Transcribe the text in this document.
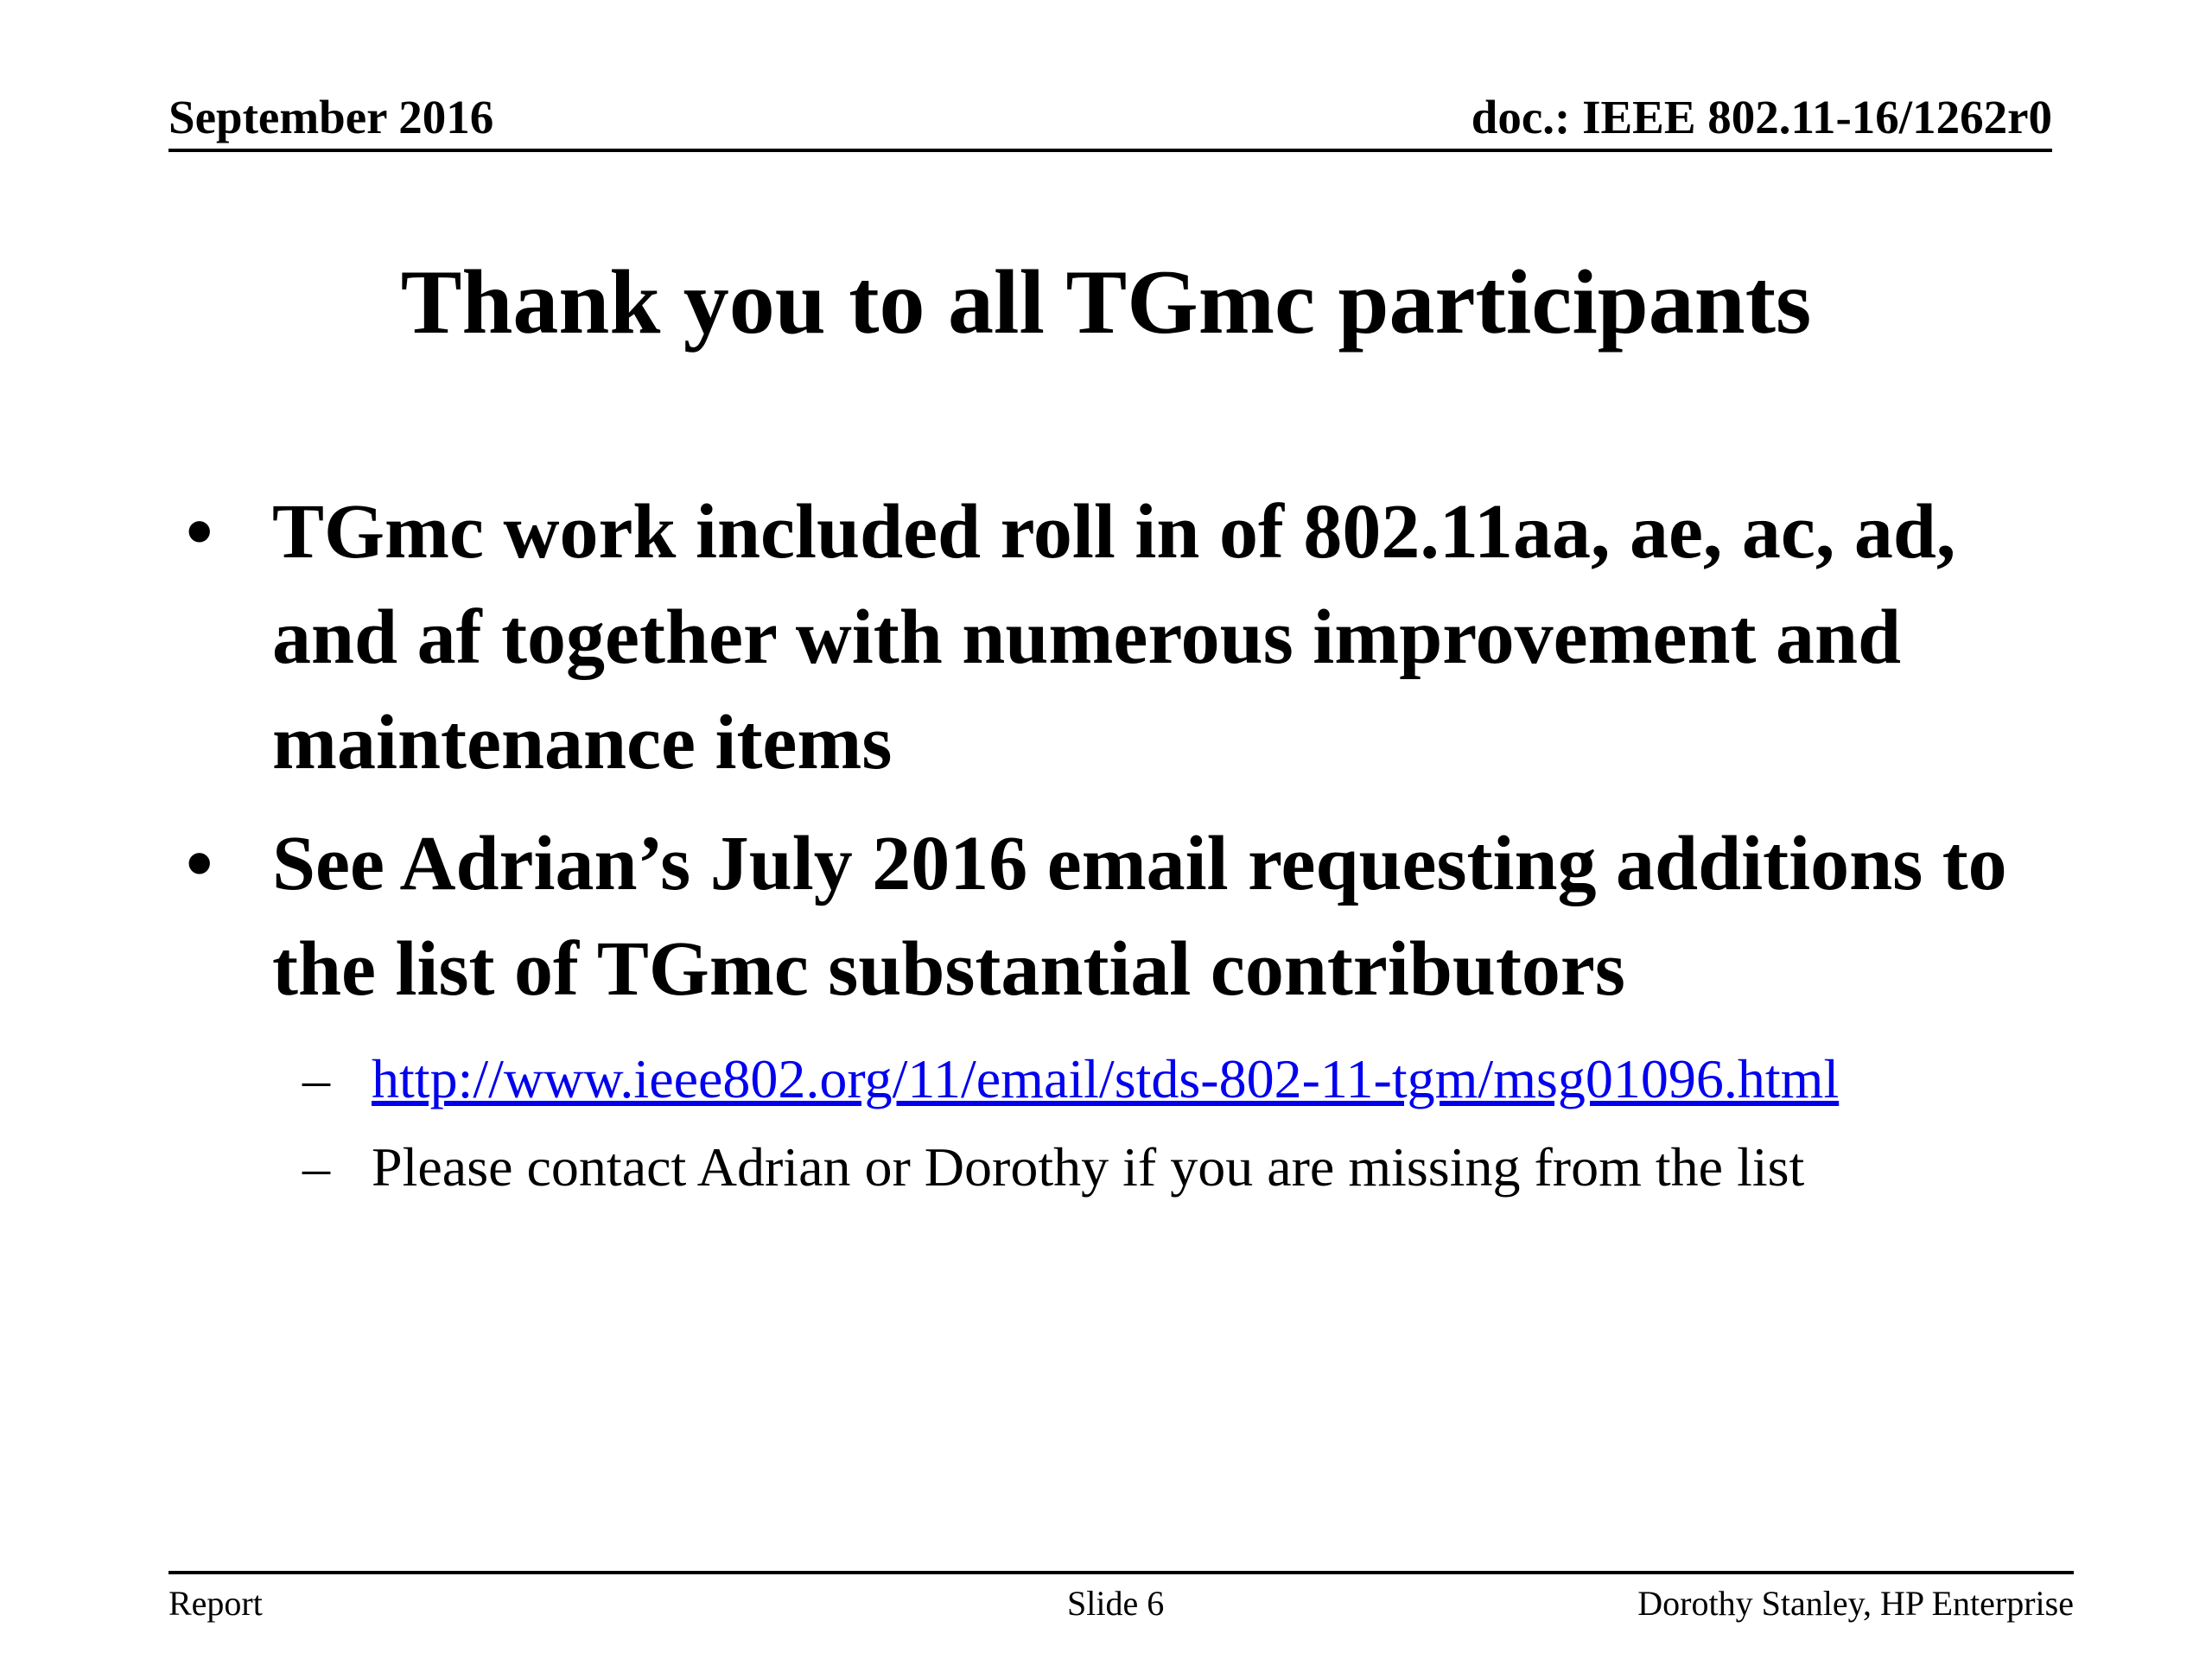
September 2016	doc.: IEEE 802.11-16/1262r0
Thank you to all TGmc participants
• TGmc work included roll in of 802.11aa, ae, ac, ad, and af together with numerous improvement and maintenance items
• See Adrian’s July 2016 email requesting additions to the list of TGmc substantial contributors
– http://www.ieee802.org/11/email/stds-802-11-tgm/msg01096.html
– Please contact Adrian or Dorothy if you are missing from the list
Report	Slide 6	Dorothy Stanley, HP Enterprise
